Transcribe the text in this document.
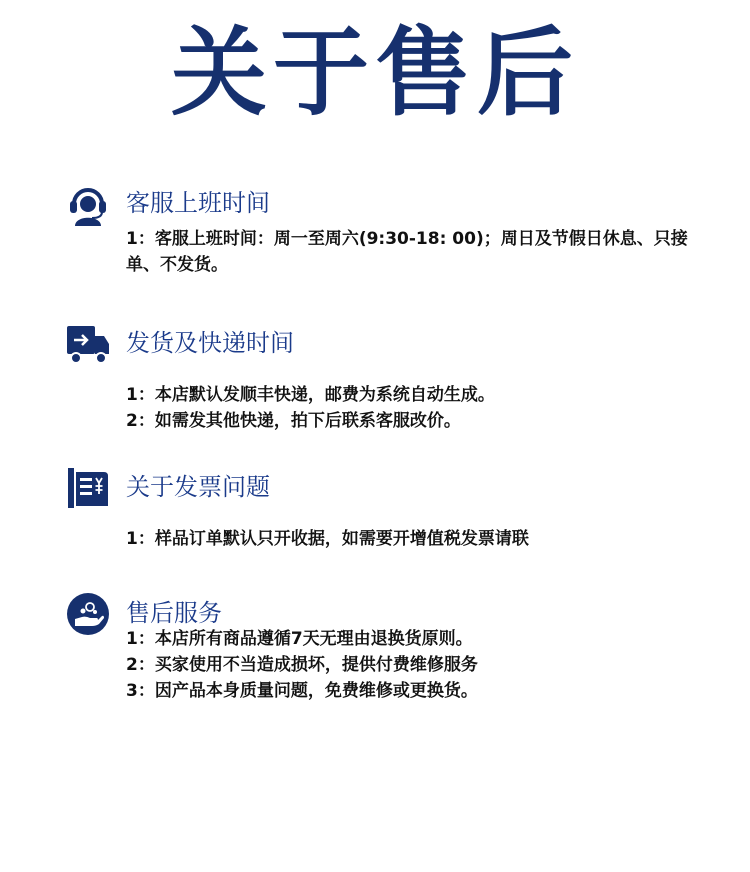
关于售后
客服上班时间
1：客服上班时间：周一至周六(9:30-18: 00)；周日及节假日休息、只接单、不发货。
发货及快递时间
1：本店默认发顺丰快递，邮费为系统自动生成。
2：如需发其他快递，拍下后联系客服改价。
关于发票问题
1：样品订单默认只开收据，如需要开增值税发票请联
售后服务
1：本店所有商品遵循7天无理由退换货原则。
2：买家使用不当造成损坏，提供付费维修服务
3：因产品本身质量问题，免费维修或更换货。
